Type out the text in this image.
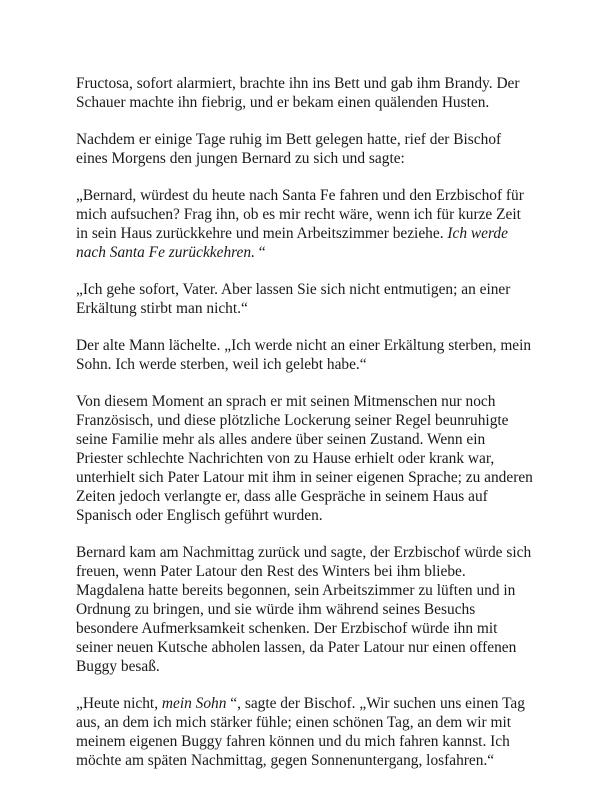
Fructosa, sofort alarmiert, brachte ihn ins Bett und gab ihm Brandy. Der Schauer machte ihn fiebrig, und er bekam einen quälenden Husten.

Nachdem er einige Tage ruhig im Bett gelegen hatte, rief der Bischof eines Morgens den jungen Bernard zu sich und sagte:

„Bernard, würdest du heute nach Santa Fe fahren und den Erzbischof für mich aufsuchen? Frag ihn, ob es mir recht wäre, wenn ich für kurze Zeit in sein Haus zurückkehre und mein Arbeitszimmer beziehe. Ich werde nach Santa Fe zurückkehren. “

„Ich gehe sofort, Vater. Aber lassen Sie sich nicht entmutigen; an einer Erkältung stirbt man nicht.“

Der alte Mann lächelte. „Ich werde nicht an einer Erkältung sterben, mein Sohn. Ich werde sterben, weil ich gelebt habe.“

Von diesem Moment an sprach er mit seinen Mitmenschen nur noch Französisch, und diese plötzliche Lockerung seiner Regel beunruhigte seine Familie mehr als alles andere über seinen Zustand. Wenn ein Priester schlechte Nachrichten von zu Hause erhielt oder krank war, unterhielt sich Pater Latour mit ihm in seiner eigenen Sprache; zu anderen Zeiten jedoch verlangte er, dass alle Gespräche in seinem Haus auf Spanisch oder Englisch geführt wurden.

Bernard kam am Nachmittag zurück und sagte, der Erzbischof würde sich freuen, wenn Pater Latour den Rest des Winters bei ihm bliebe. Magdalena hatte bereits begonnen, sein Arbeitszimmer zu lüften und in Ordnung zu bringen, und sie würde ihm während seines Besuchs besondere Aufmerksamkeit schenken. Der Erzbischof würde ihn mit seiner neuen Kutsche abholen lassen, da Pater Latour nur einen offenen Buggy besaß.

„Heute nicht, mein Sohn “, sagte der Bischof. „Wir suchen uns einen Tag aus, an dem ich mich stärker fühle; einen schönen Tag, an dem wir mit meinem eigenen Buggy fahren können und du mich fahren kannst. Ich möchte am späten Nachmittag, gegen Sonnenuntergang, losfahren.“
